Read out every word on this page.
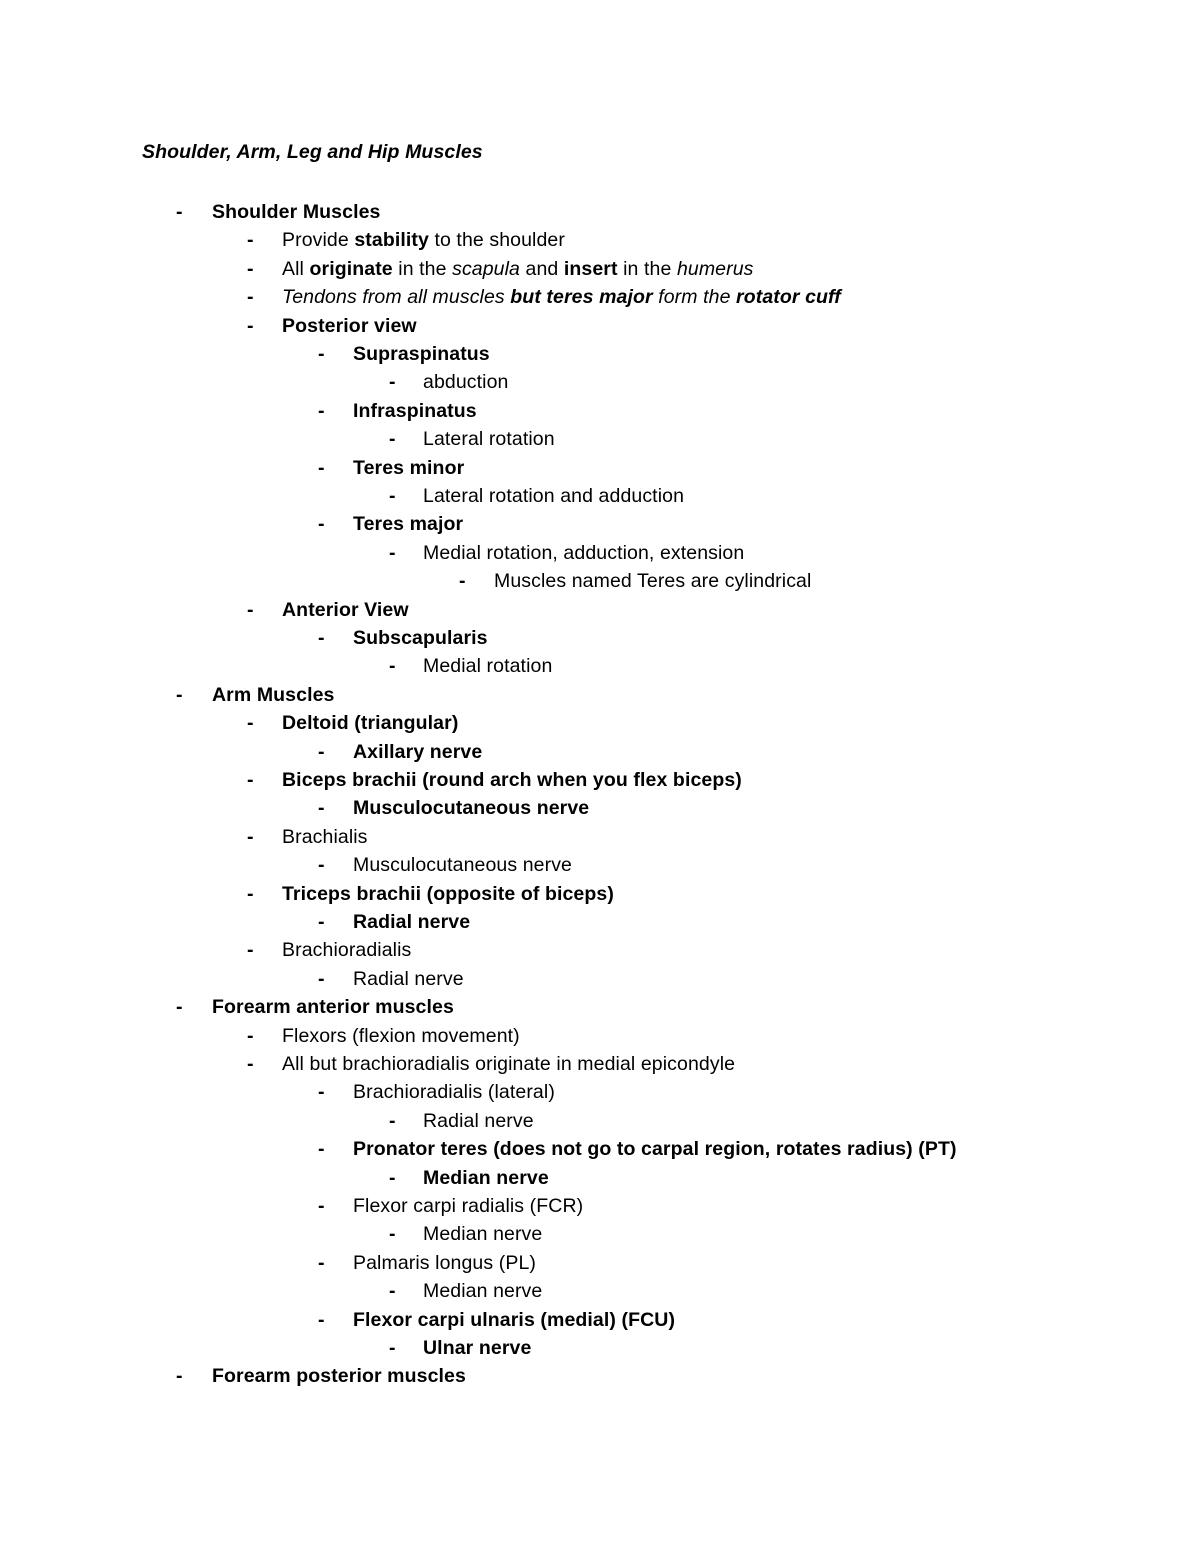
Shoulder, Arm, Leg and Hip Muscles
- Shoulder Muscles
- Provide stability to the shoulder
- All originate in the scapula and insert in the humerus
- Tendons from all muscles but teres major form the rotator cuff
- Posterior view
- Supraspinatus
- abduction
- Infraspinatus
- Lateral rotation
- Teres minor
- Lateral rotation and adduction
- Teres major
- Medial rotation, adduction, extension
- Muscles named Teres are cylindrical
- Anterior View
- Subscapularis
- Medial rotation
- Arm Muscles
- Deltoid (triangular)
- Axillary nerve
- Biceps brachii (round arch when you flex biceps)
- Musculocutaneous nerve
- Brachialis
- Musculocutaneous nerve
- Triceps brachii (opposite of biceps)
- Radial nerve
- Brachioradialis
- Radial nerve
- Forearm anterior muscles
- Flexors (flexion movement)
- All but brachioradialis originate in medial epicondyle
- Brachioradialis (lateral)
- Radial nerve
- Pronator teres (does not go to carpal region, rotates radius) (PT)
- Median nerve
- Flexor carpi radialis (FCR)
- Median nerve
- Palmaris longus (PL)
- Median nerve
- Flexor carpi ulnaris (medial) (FCU)
- Ulnar nerve
- Forearm posterior muscles
